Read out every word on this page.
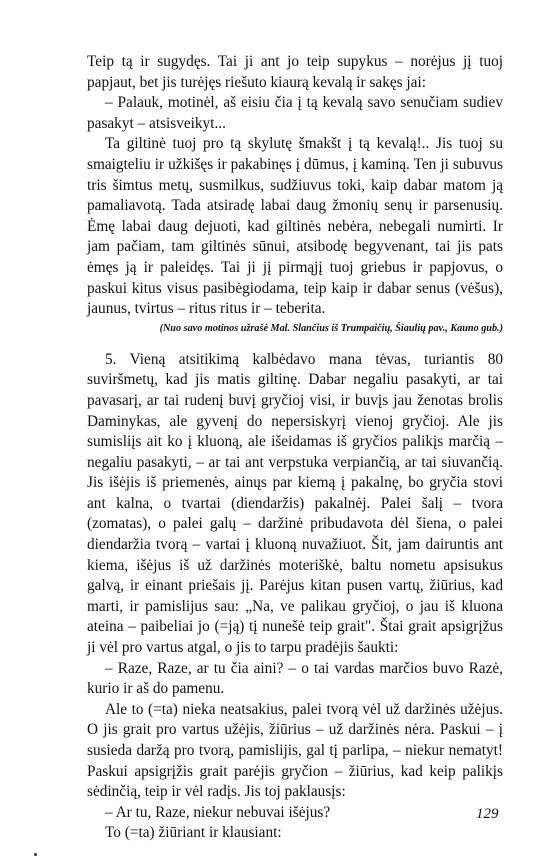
Teip tą ir sugydęs. Tai ji ant jo teip supykus – norėjus jį tuoj papjaut, bet jis turėjęs riešuto kiaurą kevalą ir sakęs jai:

– Palauk, motinėl, aš eisiu čia į tą kevalą savo senučiam sudiev pasakyt – atsisveikyt...

Ta giltinė tuoj pro tą skylutę šmakšt į tą kevalą!.. Jis tuoj su smaigteliu ir užkišęs ir pakabinęs į dūmus, į kaminą. Ten ji subuvus tris šimtus metų, susmilkus, sudžiuvus toki, kaip dabar matom ją pamaliavotą. Tada atsiradę labai daug žmonių senų ir parsenusių. Ėmę labai daug dejuoti, kad giltinės nebėra, nebegali numirti. Ir jam pačiam, tam giltinės sūnui, atsibodę begyvenant, tai jis pats ėmęs ją ir paleidęs. Tai ji jį pirmąjį tuoj griebus ir papjovus, o paskui kitus visus pasibėgiodama, teip kaip ir dabar senus (vėšus), jaunus, tvirtus – ritus ritus ir – teberita.

(Nuo savo motinos užrašė Mal. Slančius iš Trumpaičių, Šiaulių pav., Kauno gub.)

5. Vieną atsitikimą kalbėdavo mana tėvas, turiantis 80 suviršmetų, kad jis matis giltinę. Dabar negaliu pasakyti, ar tai pavasarį, ar tai rudenį buvį gryčioj visi, ir buvįs jau ženotas brolis Daminykas, ale gyvenį do nepersiskyrį vienoj gryčioj. Ale jis sumisliįs ait ko į kluoną, ale išeidamas iš gryčios palikįs marčią – negaliu pasakyti, – ar tai ant verpstuka verpiančią, ar tai siuvančią. Jis išėjis iš priemenės, ainųs par kiemą į pakalnę, bo gryčia stovi ant kalna, o tvartai (diendaržis) pakalnėj. Palei šalį – tvora (zomatas), o palei galų – daržinė pribudavota dėl šiena, o palei diendaržia tvorą – vartai į kluoną nuvažiuot. Šit, jam dairuntis ant kiema, išėjus iš už daržinės moteriškė, baltu nometu apsisukus galvą, ir einant priešais jį. Parėjus kitan pusen vartų, žiūrius, kad marti, ir pamislijus sau: „Na, ve palikau gryčioj, o jau iš kluona ateina – paibeliai jo (=ją) tį nunešė teip grait". Štai grait apsigrįžus ji vėl pro vartus atgal, o jis to tarpu pradėjis šaukti:

– Raze, Raze, ar tu čia aini? – o tai vardas marčios buvo Razė, kurio ir aš do pamenu.

Ale to (=ta) nieka neatsakius, palei tvorą vėl už daržinės užėjus. O jis grait pro vartus užėjis, žiūrius – už daržinės nėra. Paskui – į susieda daržą pro tvorą, pamislijis, gal tį parlipa, – niekur nematyt! Paskui apsigrįžis grait parėjis gryčion – žiūrius, kad keip palikįs sėdinčią, teip ir vėl radįs. Jis toj paklausįs:

– Ar tu, Raze, niekur nebuvai išėjus?

To (=ta) žiūriant ir klausiant:

129
